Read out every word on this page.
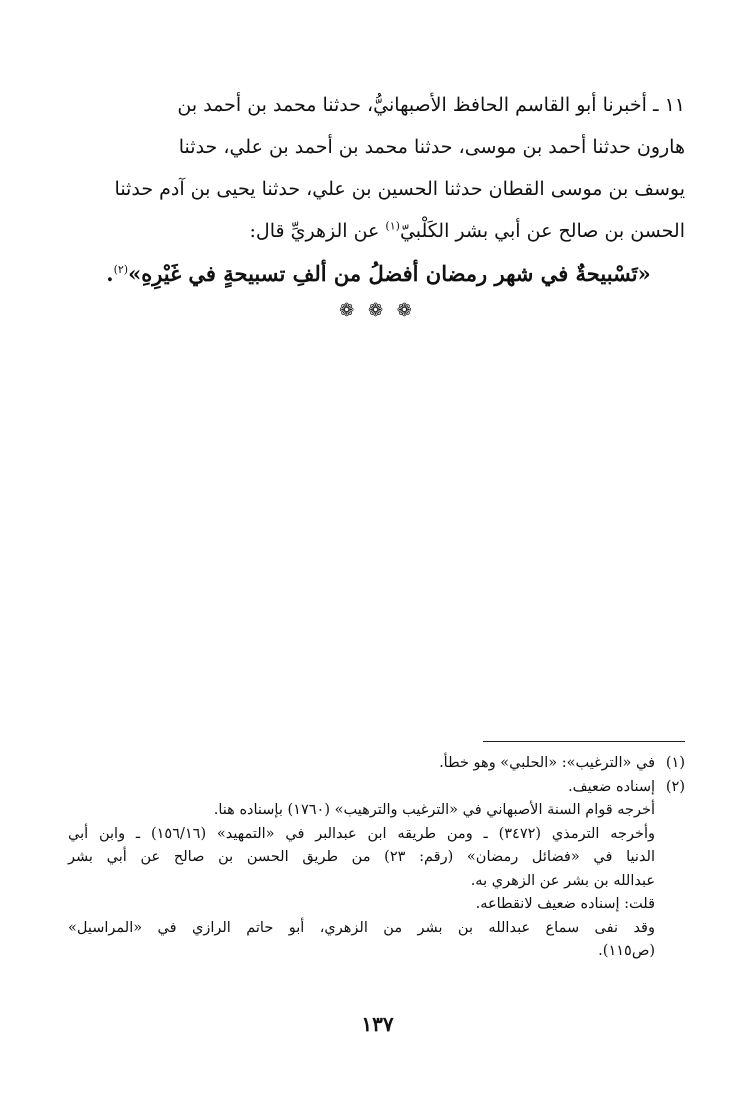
١١ ـ أخبرنا أبو القاسم الحافظ الأصبهانيُّ، حدثنا محمد بن أحمد بن

هارون حدثنا أحمد بن موسى، حدثنا محمد بن أحمد بن علي، حدثنا

يوسف بن موسى القطان حدثنا الحسين بن علي، حدثنا يحيى بن آدم حدثنا

الحسن بن صالح عن أبي بشر الكَلْبيّ$^{(١)}$ عن الزهريِّ قال:

«تَسْبيحةٌ في شهر رمضان أفضلُ من ألفِ تسبيحةٍ في غَيْرِهِ»$^{(٢)}$.
❁ ❁ ❁
(١)
في «الترغيب»: «الحلبي» وهو خطأ.
(٢)
إسناده ضعيف.
أخرجه قوام السنة الأصبهاني في «الترغيب والترهيب» (١٧٦٠) بإسناده هنا.
وأخرجه الترمذي (٣٤٧٢) ـ ومن طريقه ابن عبدالبر في «التمهيد» (١٥٦/١٦) ـ وابن أبي
الدنيا في «فضائل رمضان» (رقم: ٢٣) من طريق الحسن بن صالح عن أبي بشر
عبدالله بن بشر عن الزهري به.
قلت: إسناده ضعيف لانقطاعه.
وقد نفى سماع عبدالله بن بشر من الزهري، أبو حاتم الرازي في «المراسيل»
(ص١١٥).
١٣٧
